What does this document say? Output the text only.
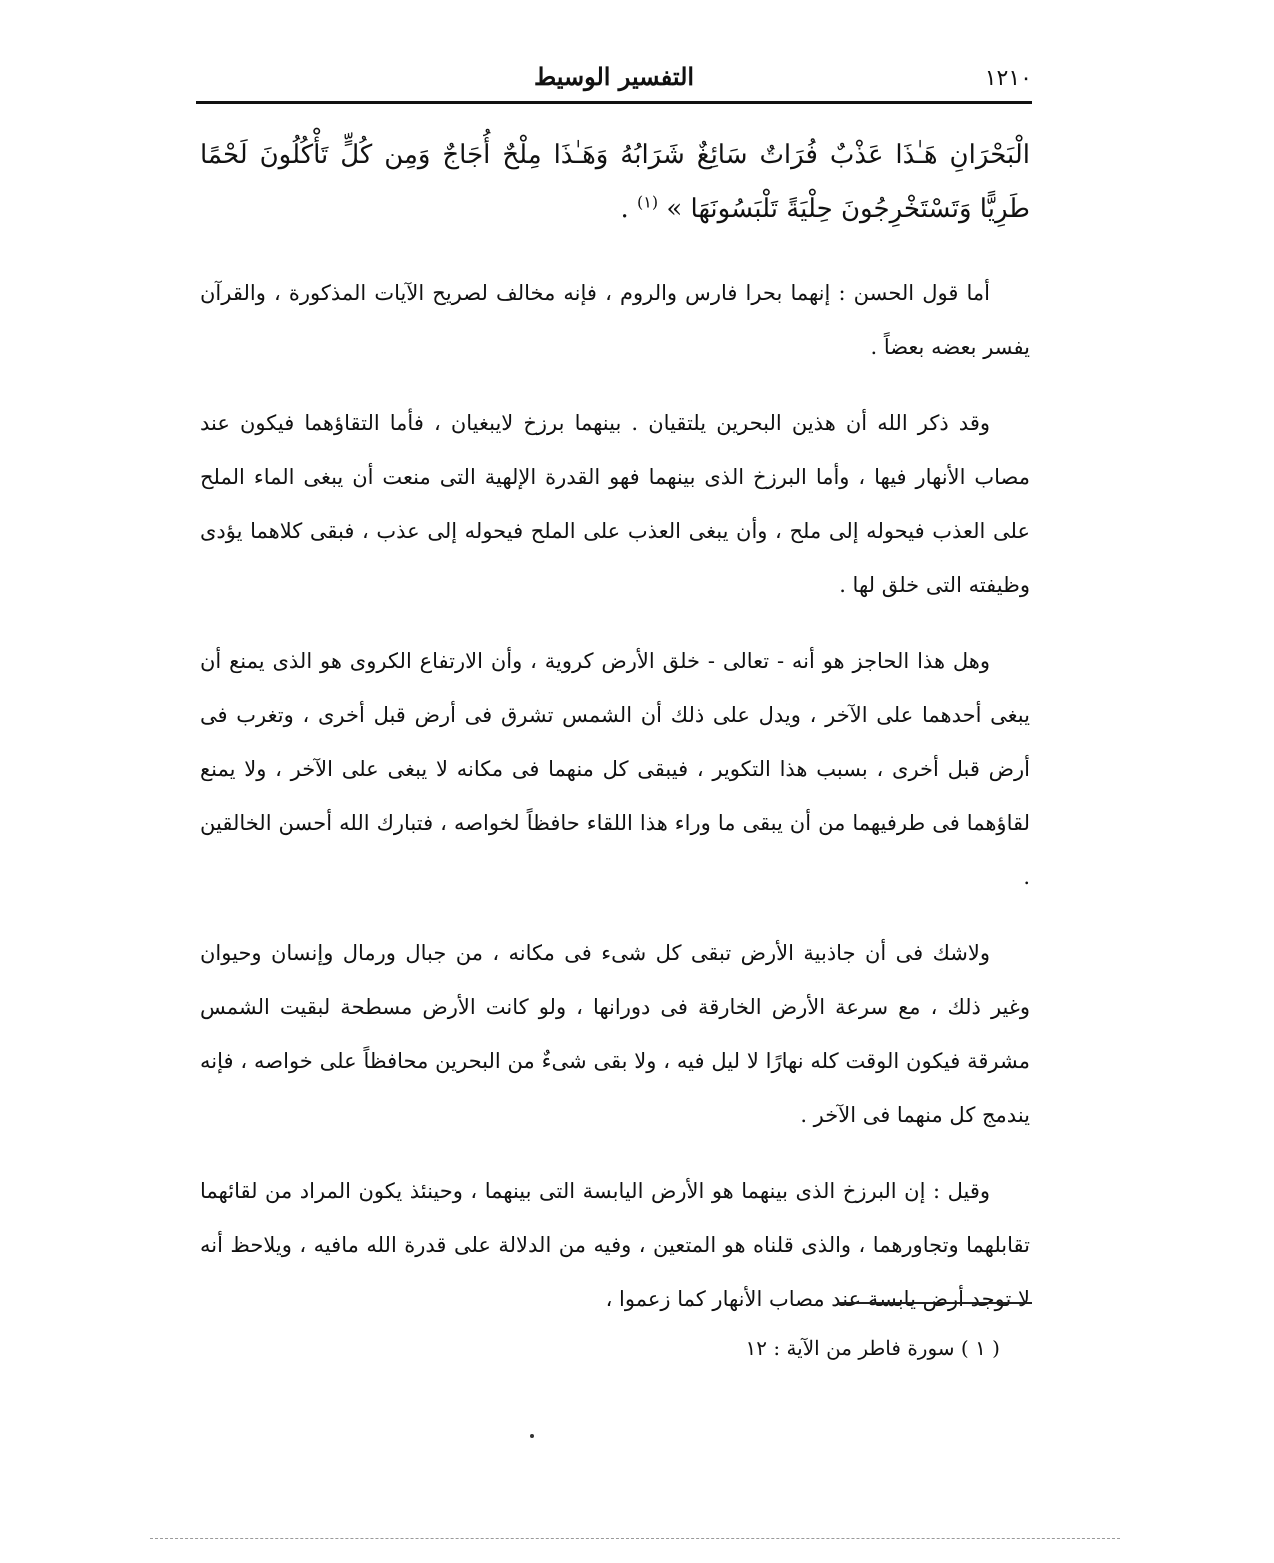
١٢١٠
التفسير الوسيط

الْبَحْرَانِ هَـٰذَا عَذْبٌ فُرَاتٌ سَائِغٌ شَرَابُهُ وَهَـٰذَا مِلْحٌ أُجَاجٌ وَمِن كُلٍّ تَأْكُلُونَ لَحْمًا طَرِيًّا وَتَسْتَخْرِجُونَ حِلْيَةً تَلْبَسُونَهَا » $^{(١)}$ .

أما قول الحسن : إنهما بحرا فارس والروم ، فإنه مخالف لصريح الآيات المذكورة ، والقرآن يفسر بعضه بعضاً .

وقد ذكر الله أن هذين البحرين يلتقيان . بينهما برزخ لايبغيان ، فأما التقاؤهما فيكون عند مصاب الأنهار فيها ، وأما البرزخ الذى بينهما فهو القدرة الإلهية التى منعت أن يبغى الماء الملح على العذب فيحوله إلى ملح ، وأن يبغى العذب على الملح فيحوله إلى عذب ، فبقى كلاهما يؤدى وظيفته التى خلق لها .

وهل هذا الحاجز هو أنه - تعالى - خلق الأرض كروية ، وأن الارتفاع الكروى هو الذى يمنع أن يبغى أحدهما على الآخر ، ويدل على ذلك أن الشمس تشرق فى أرض قبل أخرى ، وتغرب فى أرض قبل أخرى ، بسبب هذا التكوير ، فيبقى كل منهما فى مكانه لا يبغى على الآخر ، ولا يمنع لقاؤهما فى طرفيهما من أن يبقى ما وراء هذا اللقاء حافظاً لخواصه ، فتبارك الله أحسن الخالقين .

ولاشك فى أن جاذبية الأرض تبقى كل شىء فى مكانه ، من جبال ورمال وإنسان وحيوان وغير ذلك ، مع سرعة الأرض الخارقة فى دورانها ، ولو كانت الأرض مسطحة لبقيت الشمس مشرقة فيكون الوقت كله نهارًا لا ليل فيه ، ولا بقى شىءٌ من البحرين محافظاً على خواصه ، فإنه يندمج كل منهما فى الآخر .

وقيل : إن البرزخ الذى بينهما هو الأرض اليابسة التى بينهما ، وحينئذ يكون المراد من لقائهما تقابلهما وتجاورهما ، والذى قلناه هو المتعين ، وفيه من الدلالة على قدرة الله مافيه ، ويلاحظ أنه لا توجد أرض يابسة عند مصاب الأنهار كما زعموا ،

( ١ ) سورة فاطر من الآية : ١٢
